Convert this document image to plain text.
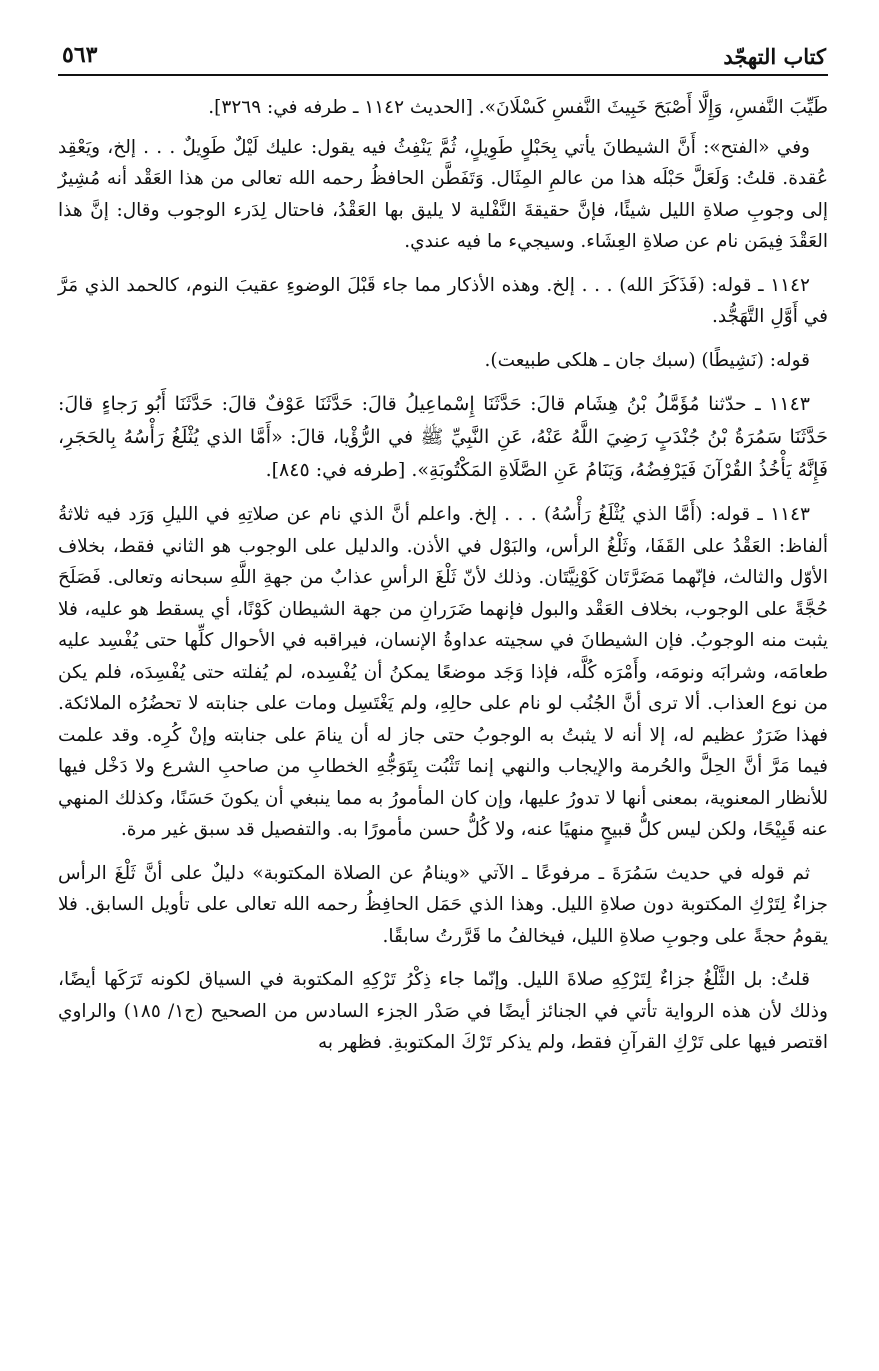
كتاب التهجّد
٥٦٣

طَيِّبَ النَّفسِ، وَإِلَّا أَصْبَحَ خَبِيثَ النَّفسِ كَسْلَانَ». [الحديث ١١٤٢ ـ طرفه في: ٣٢٦٩].

وفي «الفتح»: أَنَّ الشيطانَ يأتي بِحَبْلٍ طَوِيلٍ، ثُمَّ يَنْفِثُ فيه يقول: عليك لَيْلٌ طَوِيلٌ . . . إلخ، ويَعْقِد عُقدة. قلتُ: وَلَعَلَّ حَبْلَه هذا من عالمِ المِثَال. وَتَفَطَّن الحافظُ رحمه الله تعالى من هذا العَقْد أنه مُشِيرٌ إلى وجوبِ صلاةِ الليل شيئًا، فإنَّ حقيقةَ النَّفْلية لا يليق بها العَقْدُ، فاحتال لِدَرء الوجوب وقال: إنَّ هذا العَقْدَ فِيمَن نام عن صلاةِ العِشَاء. وسيجيء ما فيه عندي.

١١٤٢ ـ قوله: (فَذَكَرَ الله) . . . إلخ. وهذه الأذكار مما جاء قَبْلَ الوضوءِ عقيبَ النوم، كالحمد الذي مَرَّ في أَوَّلِ التَّهَجُّد.

قوله: (نَشِيطًا) (سبك جان ـ هلكى طبيعت).

١١٤٣ ـ حدّثنا مُؤَمَّلُ بْنُ هِشَام قالَ: حَدَّثَنَا إِسْماعِيلُ قالَ: حَدَّثَنَا عَوْفٌ قالَ: حَدَّثَنَا أَبُو رَجاءٍ قالَ: حَدَّثَنَا سَمُرَةُ بْنُ جُنْدَبٍ رَضِيَ اللَّهُ عَنْهُ، عَنِ النَّبِيِّ ﷺ في الرُّؤْيا، قالَ: «أَمَّا الذي يُثْلَغُ رَأْسُهُ بِالحَجَرِ، فَإِنَّهُ يَأْخُذُ القُرْآنَ فَيَرْفِضُهُ، وَيَنَامُ عَنِ الصَّلَاةِ المَكْتُوبَةِ». [طرفه في: ٨٤٥].

١١٤٣ ـ قوله: (أَمَّا الذي يُثْلَغُ رَأْسُهُ) . . . إلخ. واعلم أنَّ الذي نام عن صلاتِهِ في الليلِ وَرَد فيه ثلاثةُ ألفاظ: العَقْدُ على القَفَا، وثَلْغُ الرأس، والبَوْل في الأذن. والدليل على الوجوب هو الثاني فقط، بخلاف الأوّل والثالث، فإنّهما مَضَرَّتَان كَوْنِيَّتَان. وذلك لأنّ ثَلْغَ الرأسِ عذابٌ من جهةِ اللَّهِ سبحانه وتعالى. فَصَلَحَ حُجَّةً على الوجوب، بخلاف العَقْد والبول فإنهما ضَرَرانِ من جهة الشيطان كَوْنًا، أي يسقط هو عليه، فلا يثبت منه الوجوبُ. فإن الشيطانَ في سجيته عداوةُ الإنسان، فيراقبه في الأحوال كلِّها حتى يُفْسِد عليه طعامَه، وشرابَه ونومَه، وأَمْرَه كُلَّه، فإذا وَجَد موضعًا يمكنُ أن يُفْسِده، لم يُفلته حتى يُفْسِدَه، فلم يكن من نوع العذاب. ألا ترى أنَّ الجُنُب لو نام على حالِهِ، ولم يَغْتَسِل ومات على جنابته لا تحضُرُه الملائكة. فهذا ضَرَرٌ عظيم له، إلا أنه لا يثبتُ به الوجوبُ حتى جاز له أن ينامَ على جنابته وإنْ كُرِه. وقد علمت فيما مَرَّ أنَّ الحِلَّ والحُرمة والإيجاب والنهي إنما تَثْبُت بِتَوَجُّهِ الخطابِ من صاحبِ الشرع ولا دَخْل فيها للأنظار المعنوية، بمعنى أنها لا تدورُ عليها، وإن كان المأمورُ به مما ينبغي أن يكونَ حَسَنًا، وكذلك المنهي عنه قَبِيْحًا، ولكن ليس كلُّ قبيحٍ منهيًا عنه، ولا كُلُّ حسن مأمورًا به. والتفصيل قد سبق غير مرة.

ثم قوله في حديث سَمُرَةَ ـ مرفوعًا ـ الآتي «وينامُ عن الصلاة المكتوبة» دليلٌ على أنَّ ثَلْغَ الرأس جزاءٌ لِتَرْكِ المكتوبة دون صلاةِ الليل. وهذا الذي حَمَل الحافِظُ رحمه الله تعالى على تأويل السابق. فلا يقومُ حجةً على وجوبِ صلاةِ الليل، فيخالفُ ما قَرَّرتُ سابقًا.

قلتُ: بل الثَّلْغُ جزاءٌ لِتَرْكِهِ صلاةَ الليل. وإنّما جاء ذِكْرُ تَرْكِهِ المكتوبة في السياق لكونه تَرَكَها أيضًا، وذلك لأن هذه الرواية تأتي في الجنائز أيضًا في صَدْر الجزء السادس من الصحيح (ج١/ ١٨٥) والراوي اقتصر فيها على تَرْكِ القرآنِ فقط، ولم يذكر تَرْكَ المكتوبةِ. فظهر به
